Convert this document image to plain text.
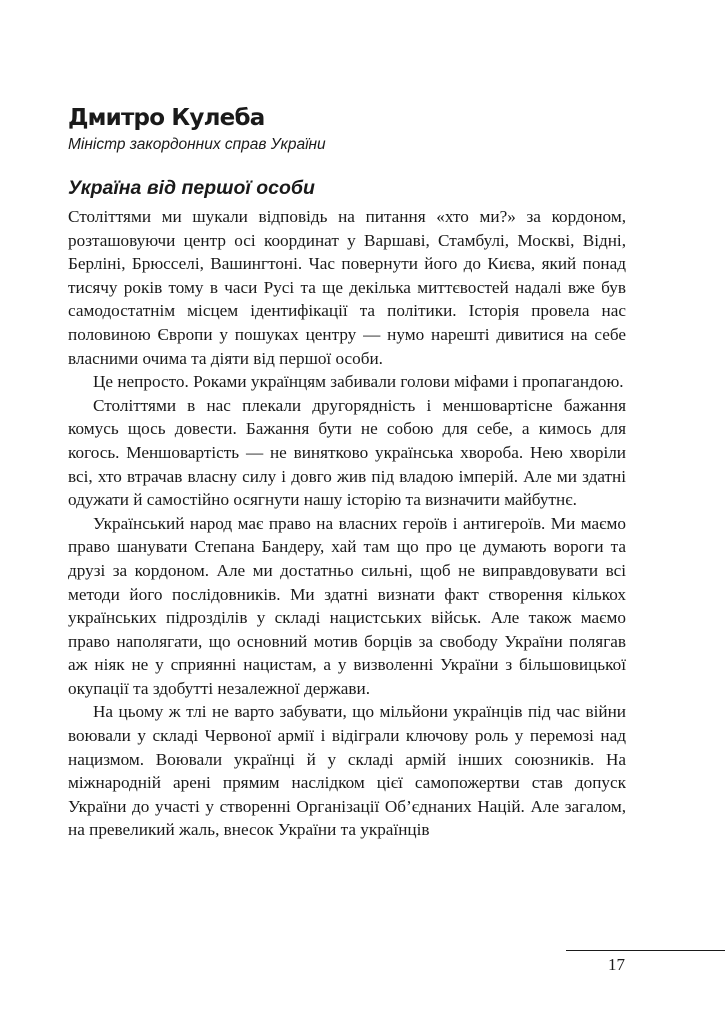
Дмитро Кулеба
Міністр закордонних справ України
Україна від першої особи

Століттями ми шукали відповідь на питання «хто ми?» за кордоном, розташовуючи центр осі координат у Варшаві, Стамбулі, Москві, Відні, Берліні, Брюсселі, Вашингтоні. Час повернути його до Києва, який понад тисячу років тому в часи Русі та ще декілька миттєвостей надалі вже був самодостатнім місцем ідентифікації та політики. Історія провела нас половиною Європи у пошуках центру — нумо нарешті дивитися на себе власними очима та діяти від першої особи.

Це непросто. Роками українцям забивали голови міфами і пропагандою.

Століттями в нас плекали другорядність і меншовартісне бажання комусь щось довести. Бажання бути не собою для себе, а кимось для когось. Меншовартість — не винятково українська хвороба. Нею хворіли всі, хто втрачав власну силу і довго жив під владою імперій. Але ми здатні одужати й самостійно осягнути нашу історію та визначити майбутнє.

Український народ має право на власних героїв і антигероїв. Ми маємо право шанувати Степана Бандеру, хай там що про це думають вороги та друзі за кордоном. Але ми достатньо сильні, щоб не виправдовувати всі методи його послідовників. Ми здатні визнати факт створення кількох українських підрозділів у складі нацистських військ. Але також маємо право наполягати, що основний мотив борців за свободу України полягав аж ніяк не у сприянні нацистам, а у визволенні України з більшовицької окупації та здобутті незалежної держави.

На цьому ж тлі не варто забувати, що мільйони українців під час війни воювали у складі Червоної армії і відіграли ключову роль у перемозі над нацизмом. Воювали українці й у складі армій інших союзників. На міжнародній арені прямим наслідком цієї самопожертви став допуск України до участі у створенні Організації Об’єднаних Націй. Але загалом, на превеликий жаль, внесок України та українців

17
